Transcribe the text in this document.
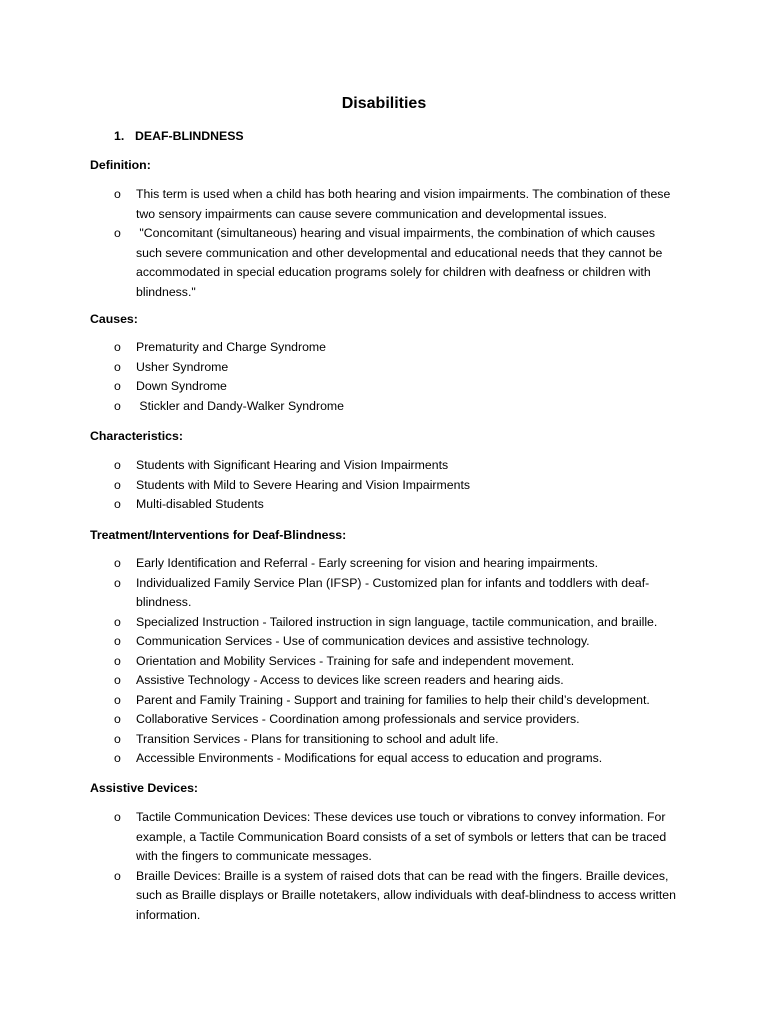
Disabilities
1. DEAF-BLINDNESS
Definition:
o This term is used when a child has both hearing and vision impairments. The combination of these two sensory impairments can cause severe communication and developmental issues.
o "Concomitant (simultaneous) hearing and visual impairments, the combination of which causes such severe communication and other developmental and educational needs that they cannot be accommodated in special education programs solely for children with deafness or children with blindness."
Causes:
o Prematurity and Charge Syndrome
o Usher Syndrome
o Down Syndrome
o Stickler and Dandy-Walker Syndrome
Characteristics:
o Students with Significant Hearing and Vision Impairments
o Students with Mild to Severe Hearing and Vision Impairments
o Multi-disabled Students
Treatment/Interventions for Deaf-Blindness:
o Early Identification and Referral - Early screening for vision and hearing impairments.
o Individualized Family Service Plan (IFSP) - Customized plan for infants and toddlers with deaf-blindness.
o Specialized Instruction - Tailored instruction in sign language, tactile communication, and braille.
o Communication Services - Use of communication devices and assistive technology.
o Orientation and Mobility Services - Training for safe and independent movement.
o Assistive Technology - Access to devices like screen readers and hearing aids.
o Parent and Family Training - Support and training for families to help their child’s development.
o Collaborative Services - Coordination among professionals and service providers.
o Transition Services - Plans for transitioning to school and adult life.
o Accessible Environments - Modifications for equal access to education and programs.
Assistive Devices:
o Tactile Communication Devices: These devices use touch or vibrations to convey information. For example, a Tactile Communication Board consists of a set of symbols or letters that can be traced with the fingers to communicate messages.
o Braille Devices: Braille is a system of raised dots that can be read with the fingers. Braille devices, such as Braille displays or Braille notetakers, allow individuals with deaf-blindness to access written information.
